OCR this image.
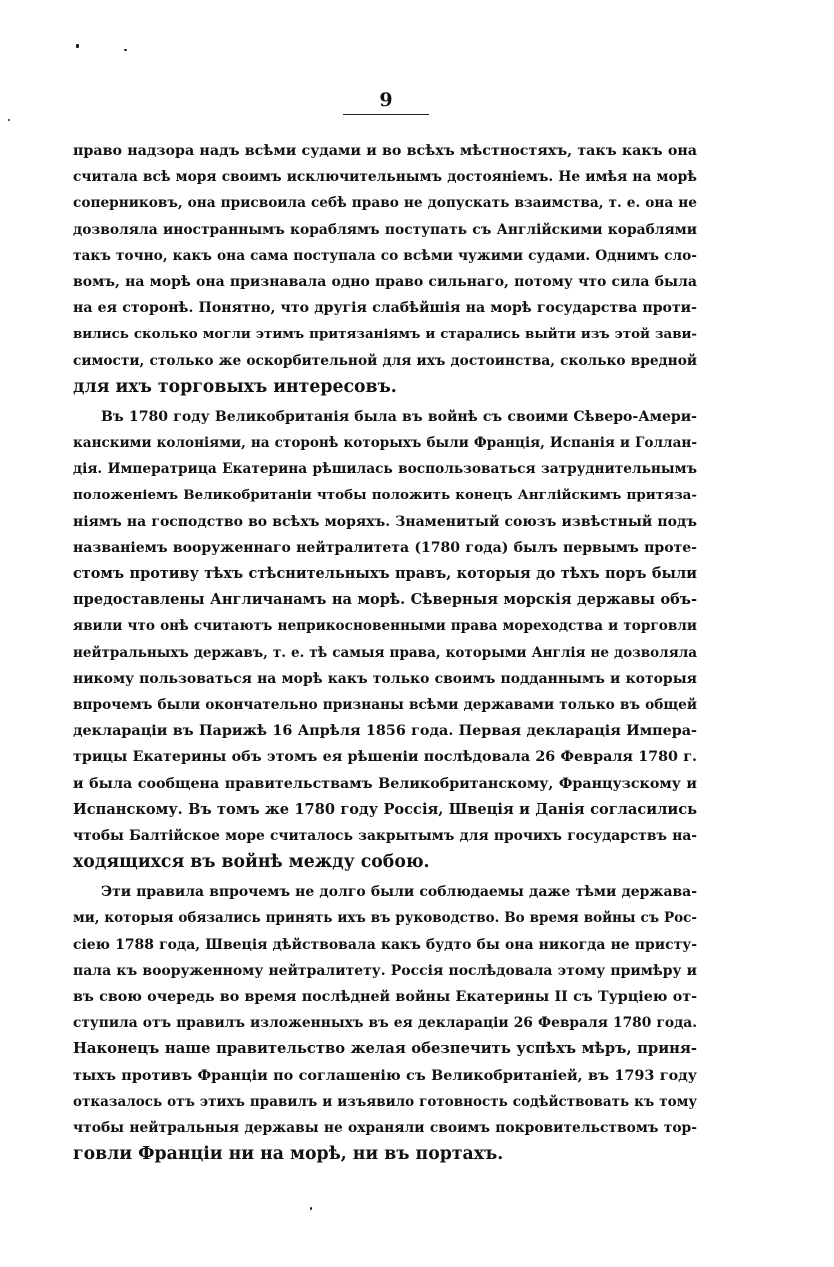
9
право надзора надъ всѣми судами и во всѣхъ мѣстностяхъ, такъ какъ она
считала всѣ моря своимъ исключительнымъ достояніемъ. Не имѣя на морѣ
соперниковъ, она присвоила себѣ право не допускать взаимства, т. е. она не
дозволяла иностраннымъ кораблямъ поступать съ Англійскими кораблями
такъ точно, какъ она сама поступала со всѣми чужими судами. Однимъ сло-
вомъ, на морѣ она признавала одно право сильнаго, потому что сила была
на ея сторонѣ. Понятно, что другія слабѣйшія на морѣ государства проти-
вились сколько могли этимъ притязаніямъ и старались выйти изъ этой зави-
симости, столько же оскорбительной для ихъ достоинства, сколько вредной
для ихъ торговыхъ интересовъ.
Въ 1780 году Великобританія была въ войнѣ съ своими Сѣверо-Амери-
канскими колоніями, на сторонѣ которыхъ были Франція, Испанія и Голлан-
дія. Императрица Екатерина рѣшилась воспользоваться затруднительнымъ
положеніемъ Великобританіи чтобы положить конецъ Англійскимъ притяза-
ніямъ на господство во всѣхъ моряхъ. Знаменитый союзъ извѣстный подъ
названіемъ вооруженнаго нейтралитета (1780 года) былъ первымъ проте-
стомъ противу тѣхъ стѣснительныхъ правъ, которыя до тѣхъ поръ были
предоставлены Англичанамъ на морѣ. Сѣверныя морскія державы объ-
явили что онѣ считаютъ неприкосновенными права мореходства и торговли
нейтральныхъ державъ, т. е. тѣ самыя права, которыми Англія не дозволяла
никому пользоваться на морѣ какъ только своимъ подданнымъ и которыя
впрочемъ были окончательно признаны всѣми державами только въ общей
декларацiи въ Парижѣ 16 Апрѣля 1856 года. Первая декларація Импера-
трицы Екатерины объ этомъ ея рѣшеніи послѣдовала 26 Февраля 1780 г.
и была сообщена правительствамъ Великобританскому, Французскому и
Испанскому. Въ томъ же 1780 году Россія, Швеція и Данія согласились
чтобы Балтійское море считалось закрытымъ для прочихъ государствъ на-
ходящихся въ войнѣ между собою.
Эти правила впрочемъ не долго были соблюдаемы даже тѣми держава-
ми, которыя обязались принять ихъ въ руководство. Во время войны съ Рос-
сіею 1788 года, Швеція дѣйствовала какъ будто бы она никогда не присту-
пала къ вооруженному нейтралитету. Россія послѣдовала этому примѣру и
въ свою очередь во время послѣдней войны Екатерины II съ Турціею от-
ступила отъ правилъ изложенныхъ въ ея декларацiи 26 Февраля 1780 года.
Наконецъ наше правительство желая обезпечить успѣхъ мѣръ, приня-
тыхъ противъ Франціи по соглашенію съ Великобританiей, въ 1793 году
отказалось отъ этихъ правилъ и изъявило готовность содѣйствовать къ тому
чтобы нейтральныя державы не охраняли своимъ покровительствомъ тор-
говли Франціи ни на морѣ, ни въ портахъ.
